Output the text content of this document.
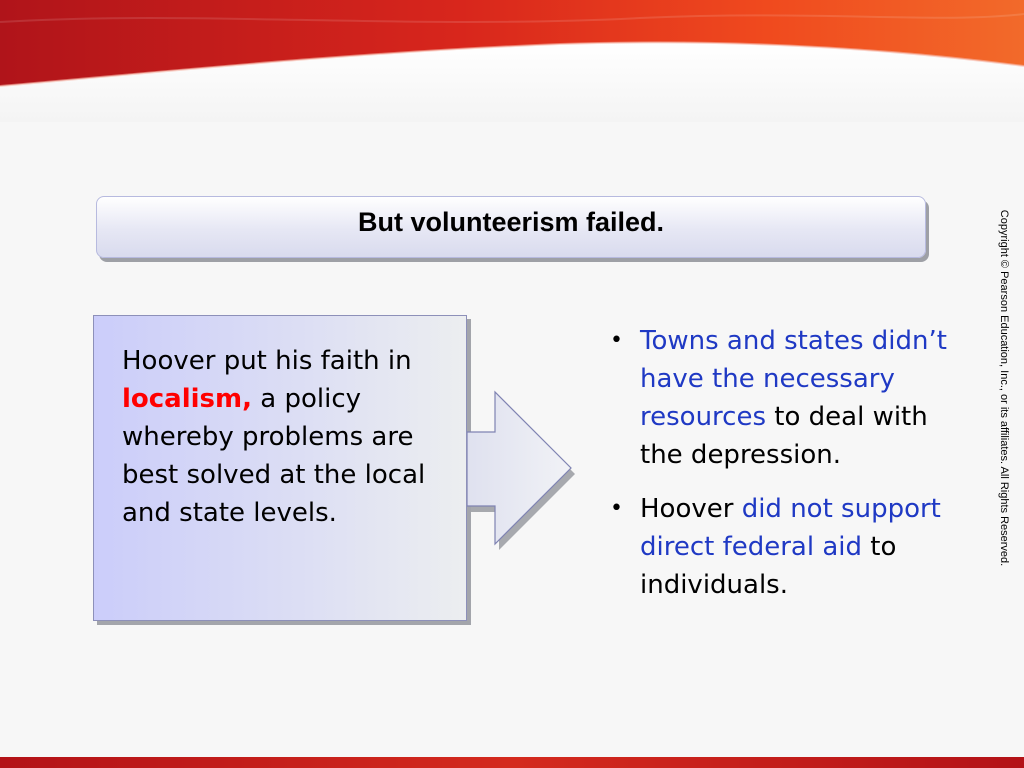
But volunteerism failed.

Hoover put his faith in localism, a policy whereby problems are best solved at the local and state levels.

• Towns and states didn’t have the necessary resources to deal with the depression.
• Hoover did not support direct federal aid to individuals.
Copyright © Pearson Education, Inc., or its affiliates. All Rights Reserved.
